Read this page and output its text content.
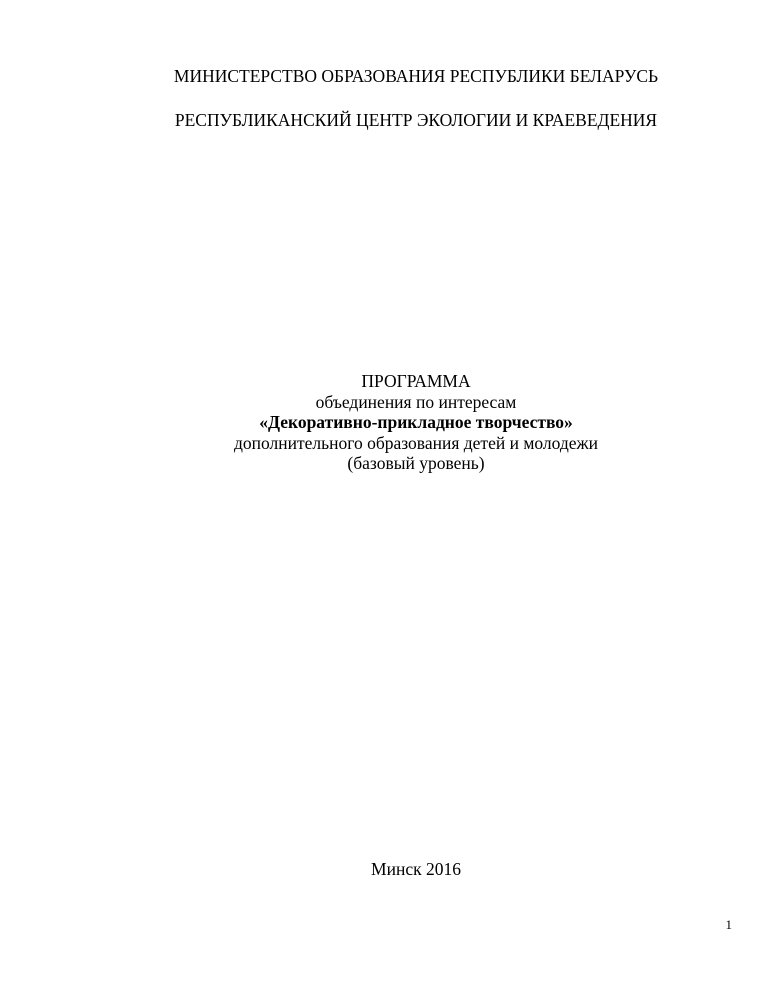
МИНИСТЕРСТВО ОБРАЗОВАНИЯ РЕСПУБЛИКИ БЕЛАРУСЬ
РЕСПУБЛИКАНСКИЙ ЦЕНТР ЭКОЛОГИИ И КРАЕВЕДЕНИЯ
ПРОГРАММА
объединения по интересам
«Декоративно-прикладное творчество»
дополнительного образования детей и молодежи
(базовый уровень)
Минск 2016
1
